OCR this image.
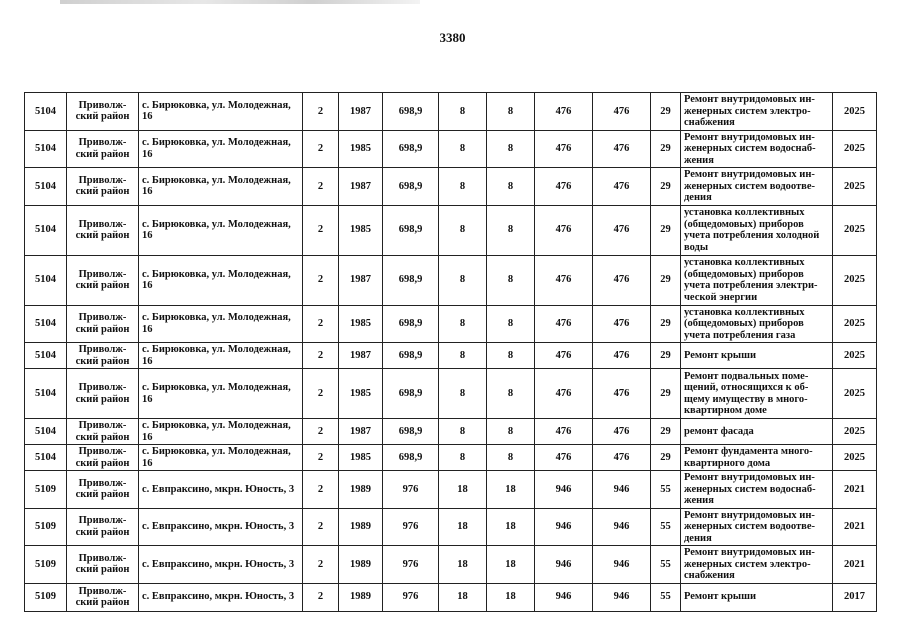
3380
5104	Приволж-
ский район	с. Бирюковка, ул. Молодежная,
16	2	1987	698,9	8	8	476	476	29	Ремонт внутридомовых ин-
женерных систем электро-
снабжения	2025
5104	Приволж-
ский район	с. Бирюковка, ул. Молодежная,
16	2	1985	698,9	8	8	476	476	29	Ремонт внутридомовых ин-
женерных систем водоснаб-
жения	2025
5104	Приволж-
ский район	с. Бирюковка, ул. Молодежная,
16	2	1987	698,9	8	8	476	476	29	Ремонт внутридомовых ин-
женерных систем водоотве-
дения	2025
5104	Приволж-
ский район	с. Бирюковка, ул. Молодежная,
16	2	1985	698,9	8	8	476	476	29	установка коллективных
(общедомовых) приборов
учета потребления холодной
воды	2025
5104	Приволж-
ский район	с. Бирюковка, ул. Молодежная,
16	2	1987	698,9	8	8	476	476	29	установка коллективных
(общедомовых) приборов
учета потребления электри-
ческой энергии	2025
5104	Приволж-
ский район	с. Бирюковка, ул. Молодежная,
16	2	1985	698,9	8	8	476	476	29	установка коллективных
(общедомовых) приборов
учета потребления газа	2025
5104	Приволж-
ский район	с. Бирюковка, ул. Молодежная,
16	2	1987	698,9	8	8	476	476	29	Ремонт крыши	2025
5104	Приволж-
ский район	с. Бирюковка, ул. Молодежная,
16	2	1985	698,9	8	8	476	476	29	Ремонт подвальных поме-
щений, относящихся к об-
щему имуществу в много-
квартирном доме	2025
5104	Приволж-
ский район	с. Бирюковка, ул. Молодежная,
16	2	1987	698,9	8	8	476	476	29	ремонт фасада	2025
5104	Приволж-
ский район	с. Бирюковка, ул. Молодежная,
16	2	1985	698,9	8	8	476	476	29	Ремонт фундамента много-
квартирного дома	2025
5109	Приволж-
ский район	с. Евпраксино, мкрн. Юность, 3	2	1989	976	18	18	946	946	55	Ремонт внутридомовых ин-
женерных систем водоснаб-
жения	2021
5109	Приволж-
ский район	с. Евпраксино, мкрн. Юность, 3	2	1989	976	18	18	946	946	55	Ремонт внутридомовых ин-
женерных систем водоотве-
дения	2021
5109	Приволж-
ский район	с. Евпраксино, мкрн. Юность, 3	2	1989	976	18	18	946	946	55	Ремонт внутридомовых ин-
женерных систем электро-
снабжения	2021
5109	Приволж-
ский район	с. Евпраксино, мкрн. Юность, 3	2	1989	976	18	18	946	946	55	Ремонт крыши	2017
